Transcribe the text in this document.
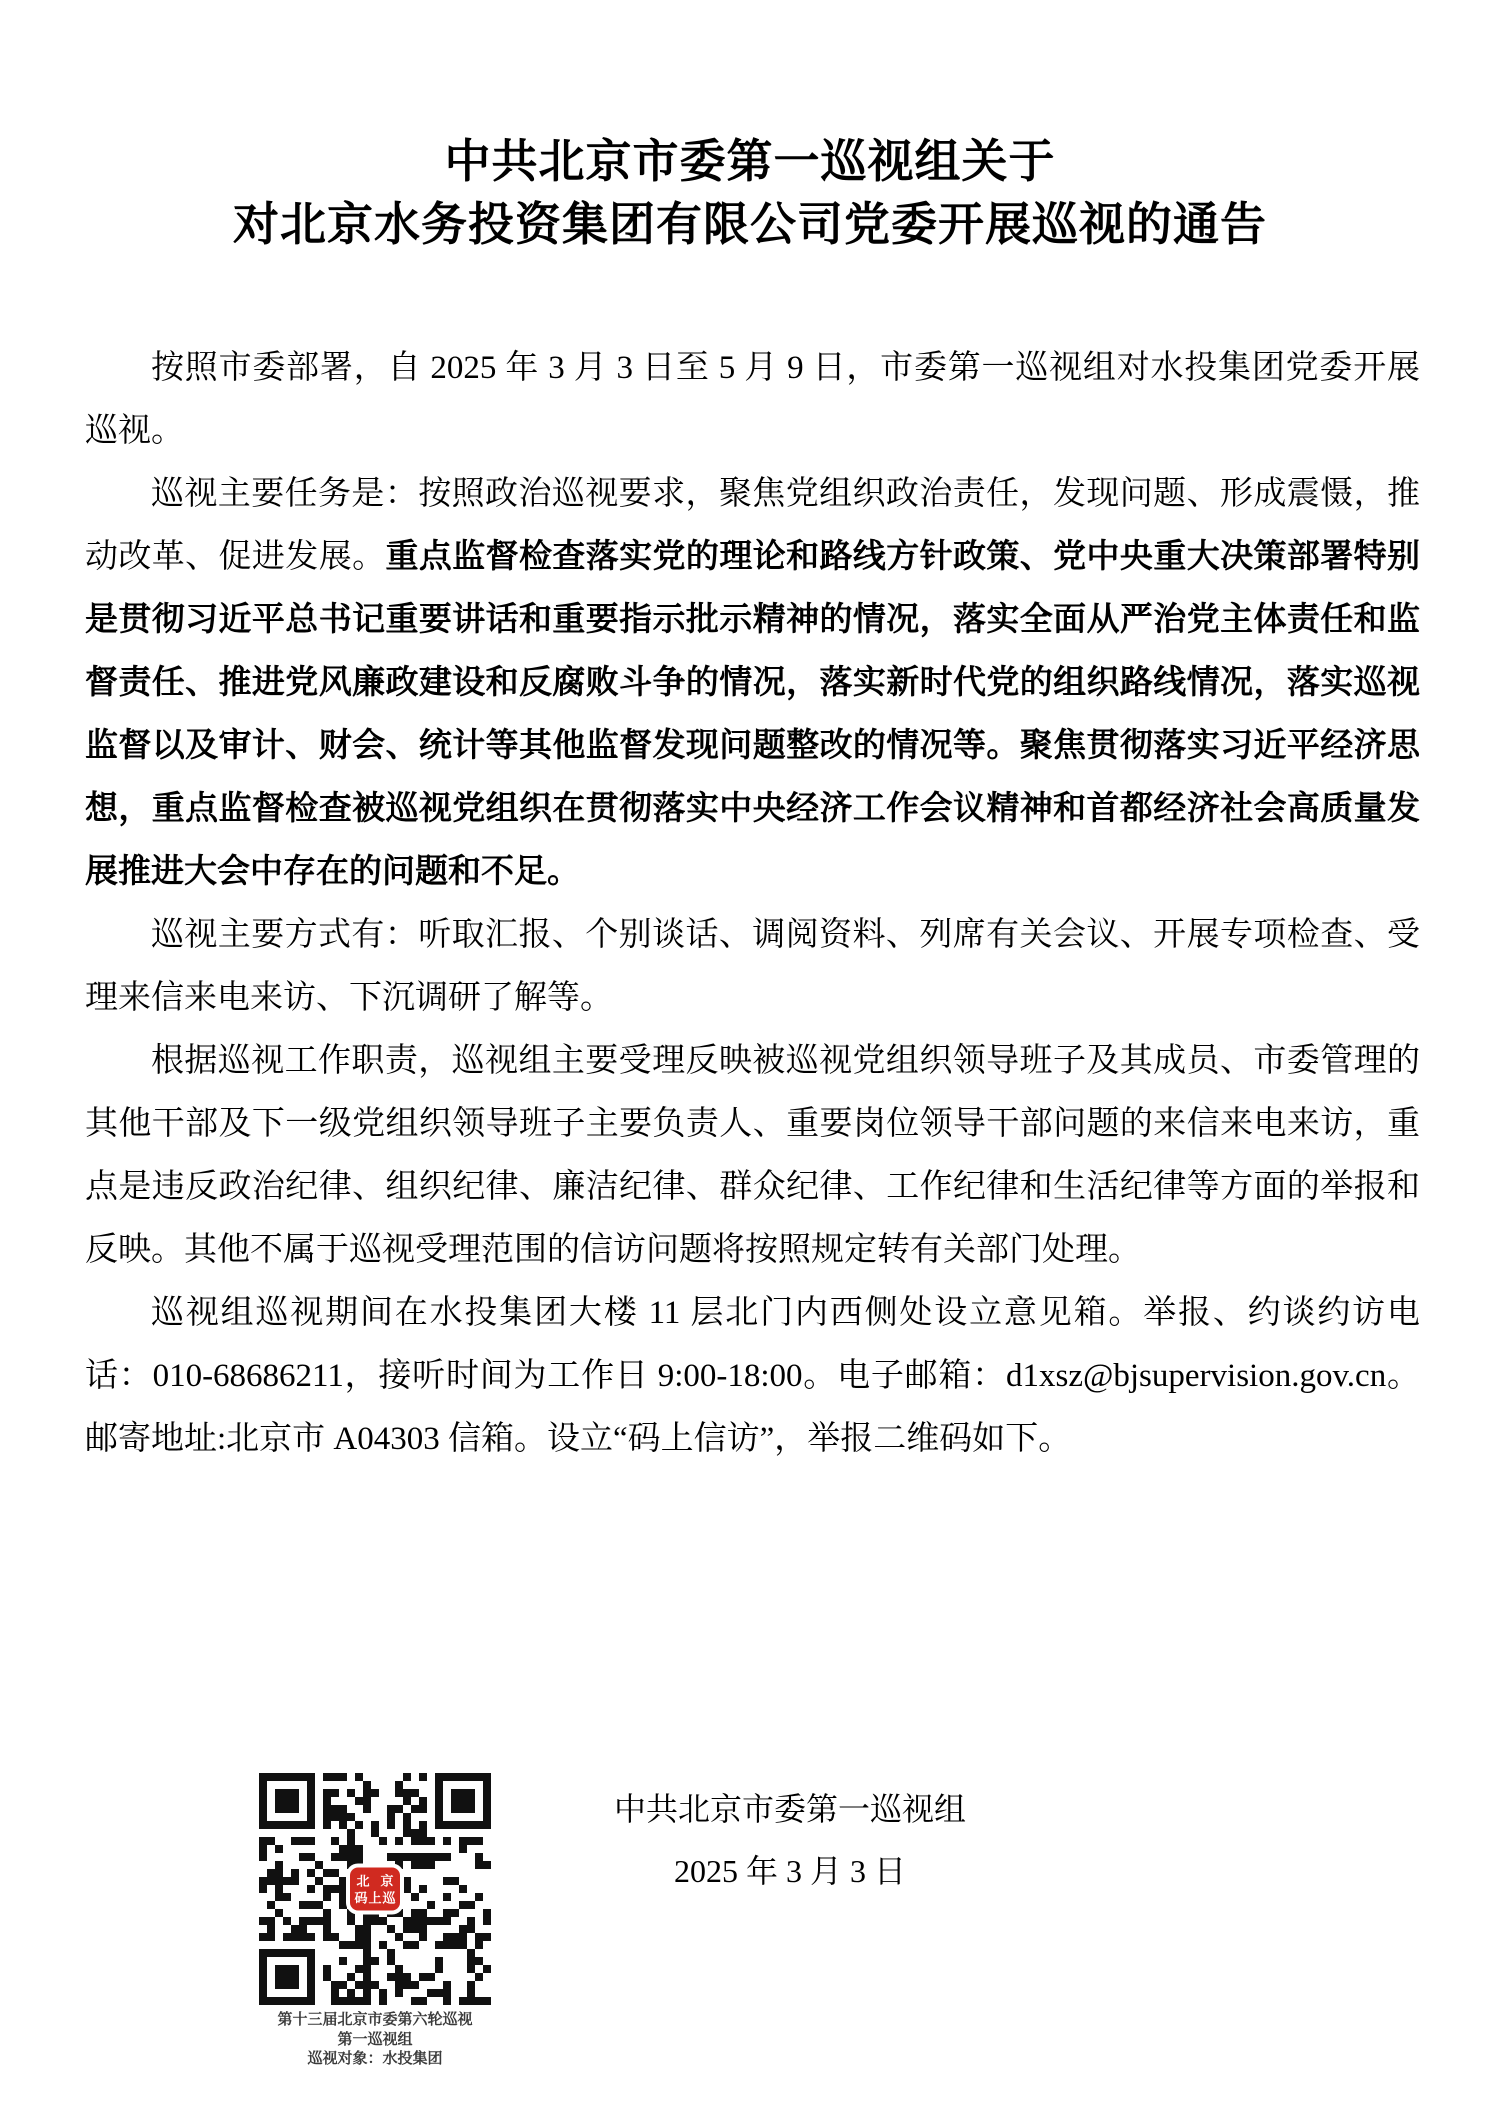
中共北京市委第一巡视组关于
对北京水务投资集团有限公司党委开展巡视的通告

按照市委部署，自 2025 年 3 月 3 日至 5 月 9 日，市委第一巡视组对水投集团党委开展巡视。

巡视主要任务是：按照政治巡视要求，聚焦党组织政治责任，发现问题、形成震慑，推动改革、促进发展。重点监督检查落实党的理论和路线方针政策、党中央重大决策部署特别是贯彻习近平总书记重要讲话和重要指示批示精神的情况，落实全面从严治党主体责任和监督责任、推进党风廉政建设和反腐败斗争的情况，落实新时代党的组织路线情况，落实巡视监督以及审计、财会、统计等其他监督发现问题整改的情况等。聚焦贯彻落实习近平经济思想，重点监督检查被巡视党组织在贯彻落实中央经济工作会议精神和首都经济社会高质量发展推进大会中存在的问题和不足。

巡视主要方式有：听取汇报、个别谈话、调阅资料、列席有关会议、开展专项检查、受理来信来电来访、下沉调研了解等。

根据巡视工作职责，巡视组主要受理反映被巡视党组织领导班子及其成员、市委管理的其他干部及下一级党组织领导班子主要负责人、重要岗位领导干部问题的来信来电来访，重点是违反政治纪律、组织纪律、廉洁纪律、群众纪律、工作纪律和生活纪律等方面的举报和反映。其他不属于巡视受理范围的信访问题将按照规定转有关部门处理。

巡视组巡视期间在水投集团大楼 11 层北门内西侧处设立意见箱。举报、约谈约访电话：010-68686211，接听时间为工作日 9:00-18:00。电子邮箱：d1xsz@bjsupervision.gov.cn。邮寄地址:北京市 A04303 信箱。设立“码上信访”，举报二维码如下。

中共北京市委第一巡视组
2025 年 3 月 3 日
北京
码上巡
第十三届北京市委第六轮巡视
第一巡视组
巡视对象：水投集团
